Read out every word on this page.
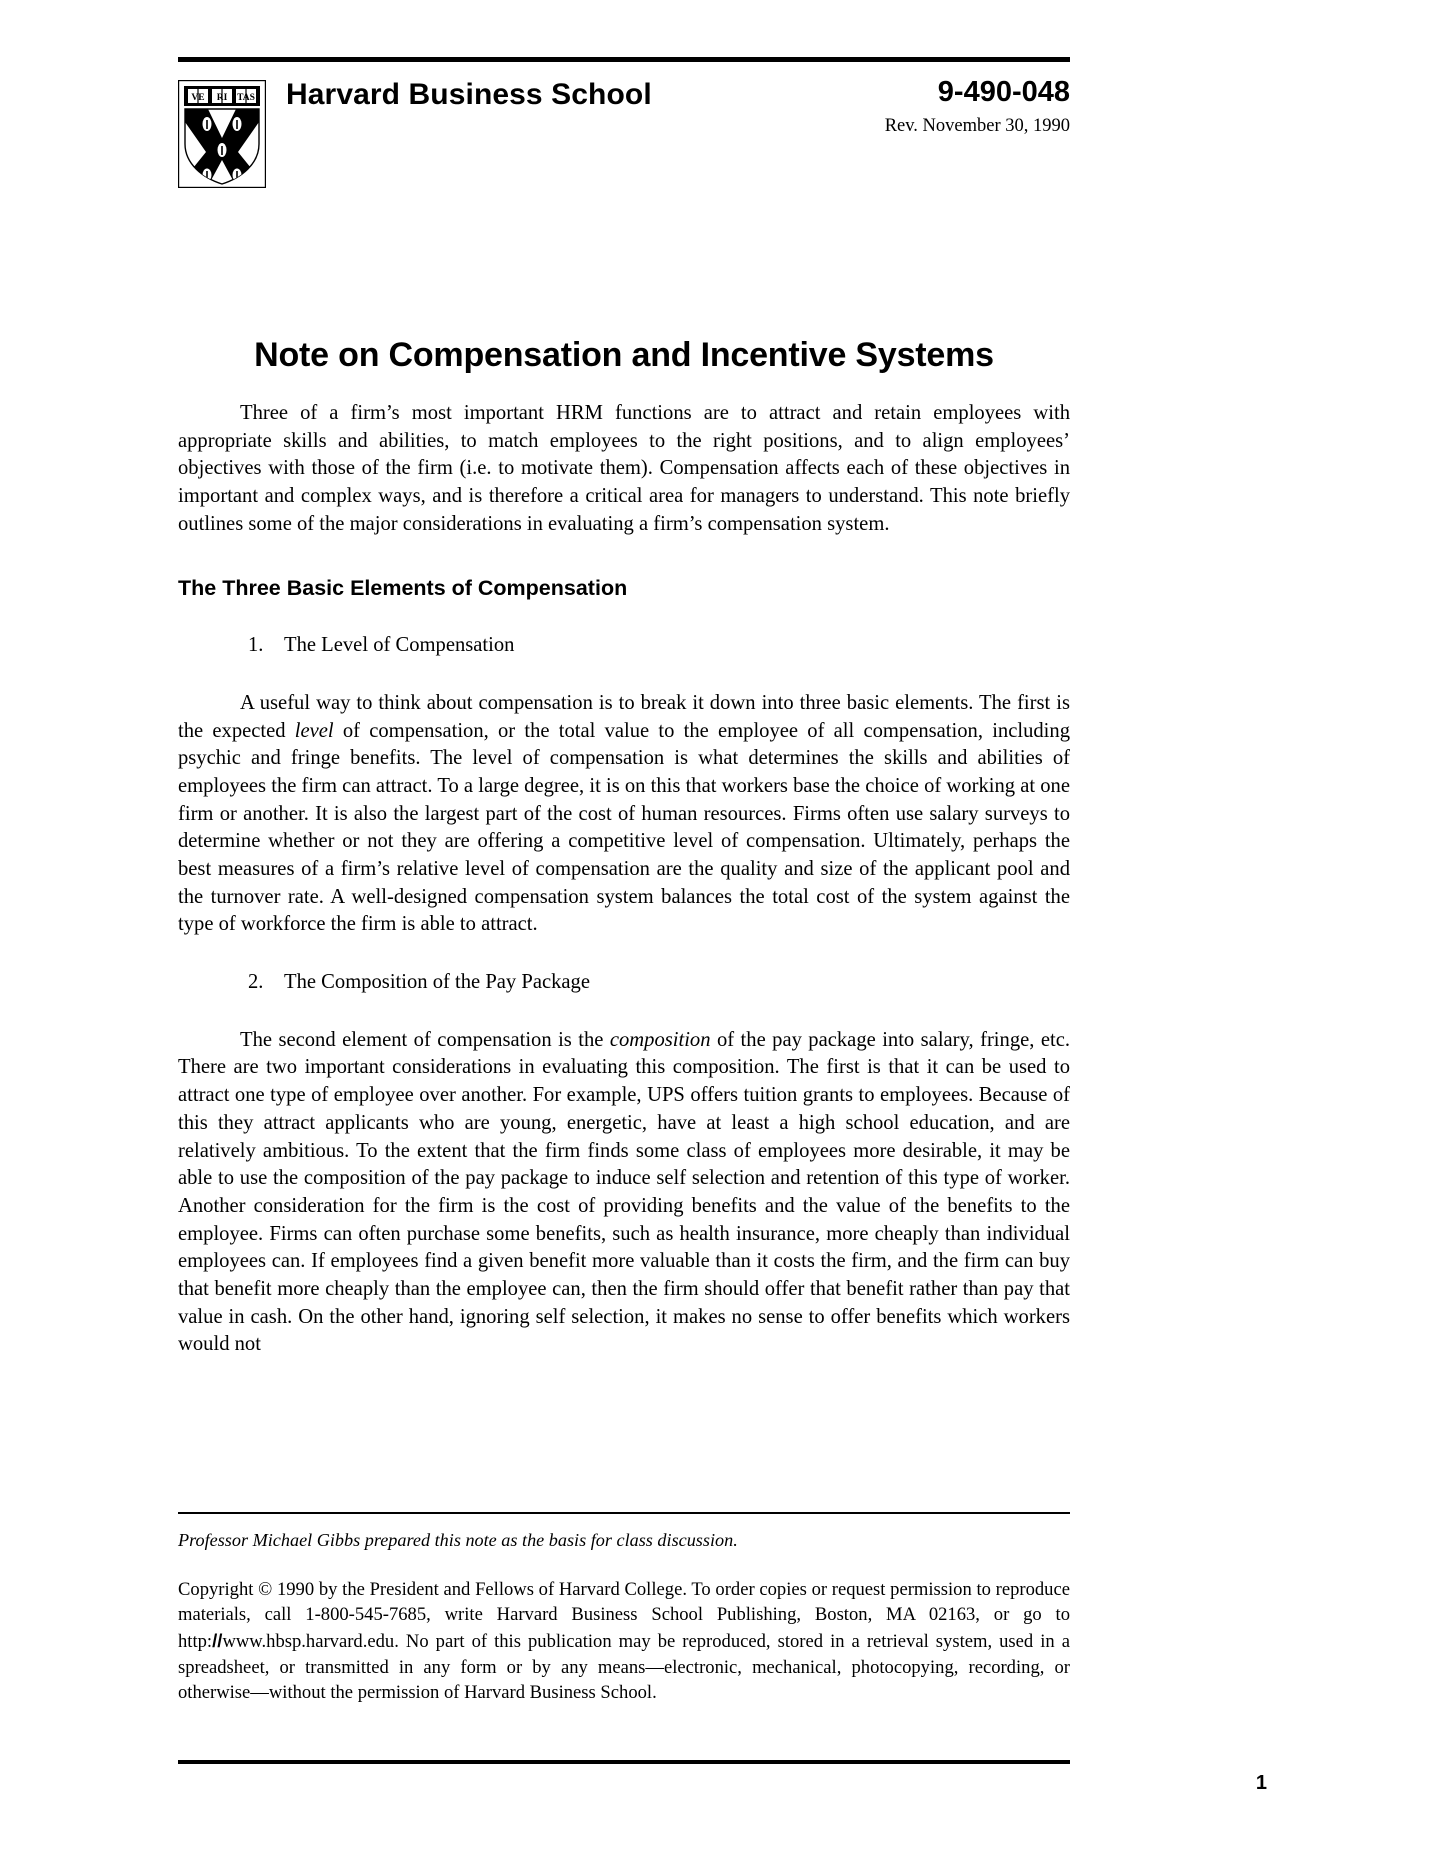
VE RI TAS Harvard Business School	9-490-048
Rev. November 30, 1990
Note on Compensation and Incentive Systems

Three of a firm’s most important HRM functions are to attract and retain employees with appropriate skills and abilities, to match employees to the right positions, and to align employees’ objectives with those of the firm (i.e. to motivate them). Compensation affects each of these objectives in important and complex ways, and is therefore a critical area for managers to understand. This note briefly outlines some of the major considerations in evaluating a firm’s compensation system.

The Three Basic Elements of Compensation

1. The Level of Compensation

A useful way to think about compensation is to break it down into three basic elements. The first is the expected level of compensation, or the total value to the employee of all compensation, including psychic and fringe benefits. The level of compensation is what determines the skills and abilities of employees the firm can attract. To a large degree, it is on this that workers base the choice of working at one firm or another. It is also the largest part of the cost of human resources. Firms often use salary surveys to determine whether or not they are offering a competitive level of compensation. Ultimately, perhaps the best measures of a firm’s relative level of compensation are the quality and size of the applicant pool and the turnover rate. A well-designed compensation system balances the total cost of the system against the type of workforce the firm is able to attract.

2. The Composition of the Pay Package

The second element of compensation is the composition of the pay package into salary, fringe, etc. There are two important considerations in evaluating this composition. The first is that it can be used to attract one type of employee over another. For example, UPS offers tuition grants to employees. Because of this they attract applicants who are young, energetic, have at least a high school education, and are relatively ambitious. To the extent that the firm finds some class of employees more desirable, it may be able to use the composition of the pay package to induce self selection and retention of this type of worker. Another consideration for the firm is the cost of providing benefits and the value of the benefits to the employee. Firms can often purchase some benefits, such as health insurance, more cheaply than individual employees can. If employees find a given benefit more valuable than it costs the firm, and the firm can buy that benefit more cheaply than the employee can, then the firm should offer that benefit rather than pay that value in cash. On the other hand, ignoring self selection, it makes no sense to offer benefits which workers would not

Professor Michael Gibbs prepared this note as the basis for class discussion.

Copyright © 1990 by the President and Fellows of Harvard College. To order copies or request permission to reproduce materials, call 1-800-545-7685, write Harvard Business School Publishing, Boston, MA 02163, or go to http://www.hbsp.harvard.edu. No part of this publication may be reproduced, stored in a retrieval system, used in a spreadsheet, or transmitted in any form or by any means—electronic, mechanical, photocopying, recording, or otherwise—without the permission of Harvard Business School.

1
